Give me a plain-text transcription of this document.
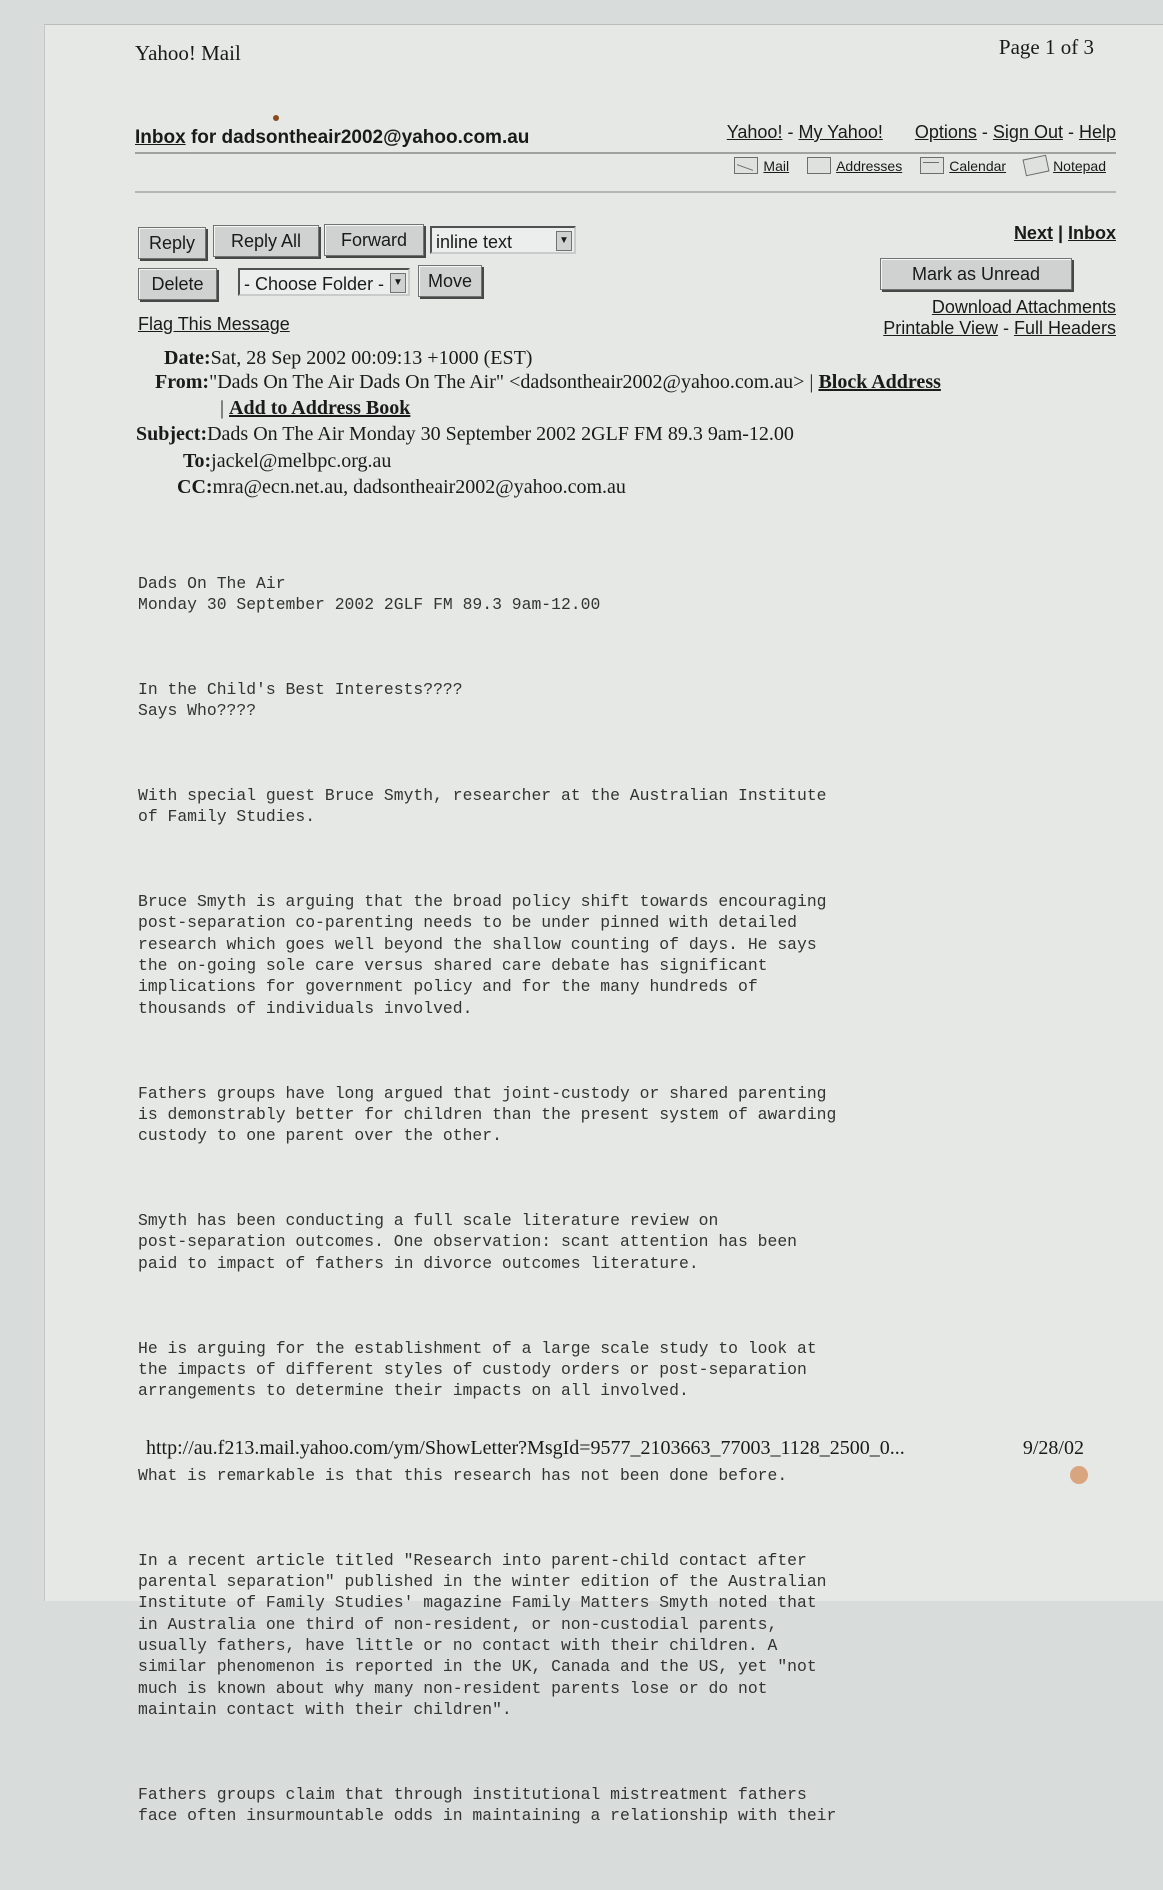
Yahoo! Mail	Page 1 of 3
Inbox for dadsontheair2002@yahoo.com.au	Yahoo! - My Yahoo! Options - Sign Out - Help
Mail	Addresses	Calendar	Notepad
Reply	Reply All	Forward	inline text	▼
Delete	- Choose Folder - ▼	Move
Flag This Message
Next | Inbox
Mark as Unread
Download Attachments
Printable View - Full Headers
Date:Sat, 28 Sep 2002 00:09:13 +1000 (EST)
From:"Dads On The Air Dads On The Air" <dadsontheair2002@yahoo.com.au> | Block Address
| Add to Address Book
Subject:Dads On The Air Monday 30 September 2002 2GLF FM 89.3 9am-12.00
To:jackel@melbpc.org.au
CC:mra@ecn.net.au, dadsontheair2002@yahoo.com.au

Dads On The Air
Monday 30 September 2002 2GLF FM 89.3 9am-12.00

In the Child's Best Interests????
Says Who????

With special guest Bruce Smyth, researcher at the Australian Institute
of Family Studies.

Bruce Smyth is arguing that the broad policy shift towards encouraging
post-separation co-parenting needs to be under pinned with detailed
research which goes well beyond the shallow counting of days. He says
the on-going sole care versus shared care debate has significant
implications for government policy and for the many hundreds of
thousands of individuals involved.

Fathers groups have long argued that joint-custody or shared parenting
is demonstrably better for children than the present system of awarding
custody to one parent over the other.

Smyth has been conducting a full scale literature review on
post-separation outcomes. One observation: scant attention has been
paid to impact of fathers in divorce outcomes literature.

He is arguing for the establishment of a large scale study to look at
the impacts of different styles of custody orders or post-separation
arrangements to determine their impacts on all involved.

What is remarkable is that this research has not been done before.

In a recent article titled "Research into parent-child contact after
parental separation" published in the winter edition of the Australian
Institute of Family Studies' magazine Family Matters Smyth noted that
in Australia one third of non-resident, or non-custodial parents,
usually fathers, have little or no contact with their children. A
similar phenomenon is reported in the UK, Canada and the US, yet "not
much is known about why many non-resident parents lose or do not
maintain contact with their children".

Fathers groups claim that through institutional mistreatment fathers
face often insurmountable odds in maintaining a relationship with their

http://au.f213.mail.yahoo.com/ym/ShowLetter?MsgId=9577_2103663_77003_1128_2500_0...	9/28/02
